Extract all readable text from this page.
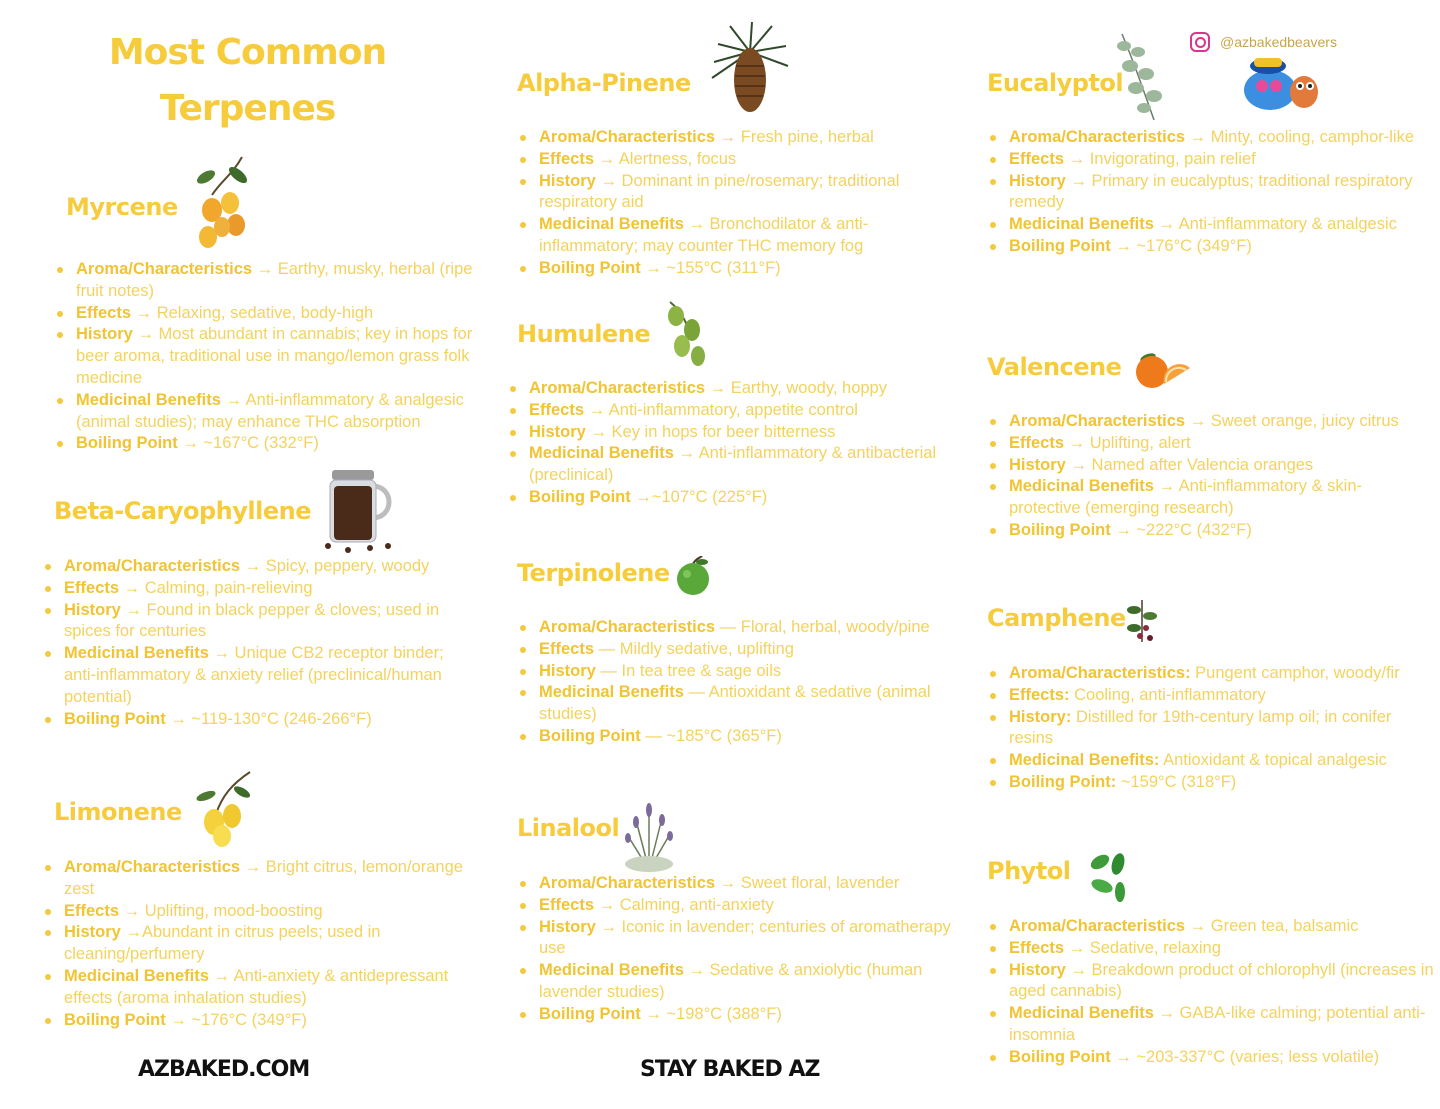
Most Common
Terpenes
@azbakedbeavers
Myrcene
Aroma/Characteristics → Earthy, musky, herbal (ripe fruit notes)
Effects → Relaxing, sedative, body-high
History → Most abundant in cannabis; key in hops for beer aroma, traditional use in mango/lemon grass folk medicine
Medicinal Benefits → Anti-inflammatory & analgesic (animal studies); may enhance THC absorption
Boiling Point → ~167°C (332°F)
Beta-Caryophyllene
Aroma/Characteristics → Spicy, peppery, woody
Effects → Calming, pain-relieving
History → Found in black pepper & cloves; used in spices for centuries
Medicinal Benefits → Unique CB2 receptor binder; anti-inflammatory & anxiety relief (preclinical/human potential)
Boiling Point → ~119-130°C (246-266°F)
Limonene
Aroma/Characteristics → Bright citrus, lemon/orange zest
Effects → Uplifting, mood-boosting
History →Abundant in citrus peels; used in cleaning/perfumery
Medicinal Benefits → Anti-anxiety & antidepressant effects (aroma inhalation studies)
Boiling Point → ~176°C (349°F)
Alpha-Pinene
Aroma/Characteristics → Fresh pine, herbal
Effects → Alertness, focus
History → Dominant in pine/rosemary; traditional respiratory aid
Medicinal Benefits → Bronchodilator & anti-inflammatory; may counter THC memory fog
Boiling Point → ~155°C (311°F)
Humulene
Aroma/Characteristics → Earthy, woody, hoppy
Effects → Anti-inflammatory, appetite control
History → Key in hops for beer bitterness
Medicinal Benefits → Anti-inflammatory & antibacterial (preclinical)
Boiling Point →~107°C (225°F)
Terpinolene
Aroma/Characteristics — Floral, herbal, woody/pine
Effects — Mildly sedative, uplifting
History — In tea tree & sage oils
Medicinal Benefits — Antioxidant & sedative (animal studies)
Boiling Point — ~185°C (365°F)
Linalool
Aroma/Characteristics → Sweet floral, lavender
Effects → Calming, anti-anxiety
History → Iconic in lavender; centuries of aromatherapy use
Medicinal Benefits → Sedative & anxiolytic (human lavender studies)
Boiling Point → ~198°C (388°F)
Eucalyptol
Aroma/Characteristics → Minty, cooling, camphor-like
Effects → Invigorating, pain relief
History → Primary in eucalyptus; traditional respiratory remedy
Medicinal Benefits → Anti-inflammatory & analgesic
Boiling Point → ~176°C (349°F)
Valencene
Aroma/Characteristics → Sweet orange, juicy citrus
Effects → Uplifting, alert
History → Named after Valencia oranges
Medicinal Benefits → Anti-inflammatory & skin-protective (emerging research)
Boiling Point → ~222°C (432°F)
Camphene
Aroma/Characteristics: Pungent camphor, woody/fir
Effects: Cooling, anti-inflammatory
History: Distilled for 19th-century lamp oil; in conifer resins
Medicinal Benefits: Antioxidant & topical analgesic
Boiling Point: ~159°C (318°F)
Phytol
Aroma/Characteristics → Green tea, balsamic
Effects → Sedative, relaxing
History → Breakdown product of chlorophyll (increases in aged cannabis)
Medicinal Benefits → GABA-like calming; potential anti-insomnia
Boiling Point → ~203-337°C (varies; less volatile)
AZBAKED.COM	STAY BAKED AZ
